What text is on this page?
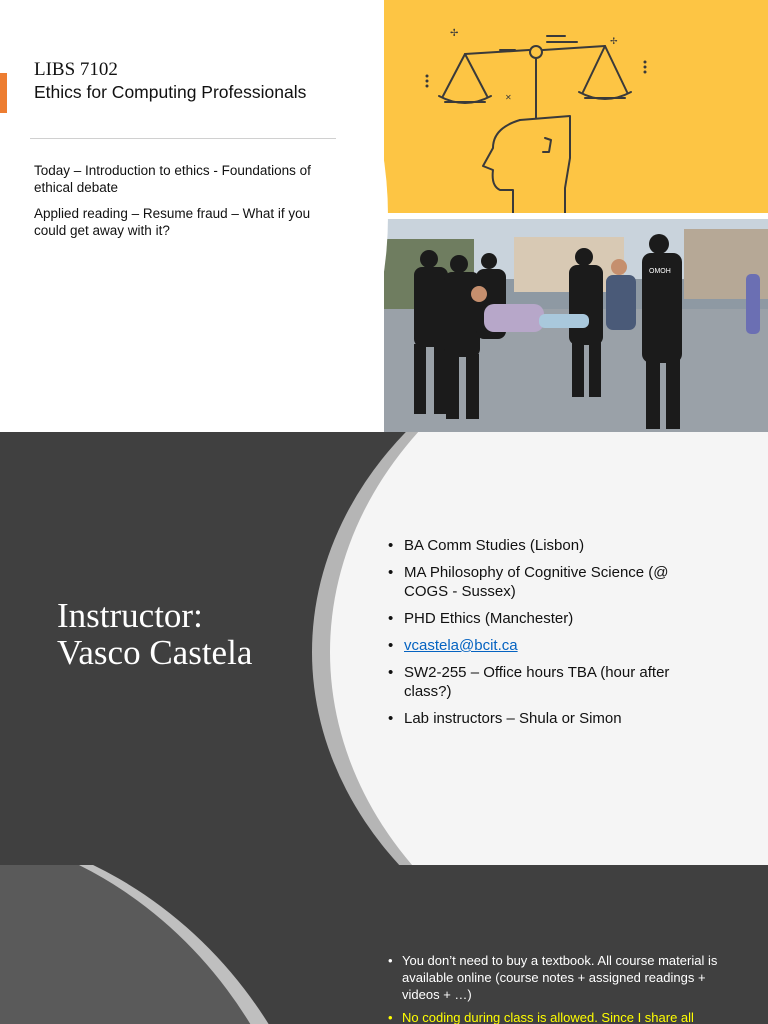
OMOH
✢
✢
✕
LIBS 7102
Ethics for Computing Professionals

Today – Introduction to ethics - Foundations of ethical debate

Applied reading – Resume fraud – What if you could get away with it?

Instructor:
Vasco Castela
• BA Comm Studies (Lisbon)
• MA Philosophy of Cognitive Science (@ COGS - Sussex)
• PHD Ethics (Manchester)
• vcastela@bcit.ca
• SW2-255 – Office hours TBA (hour after class?)
• Lab instructors – Shula or Simon
• You don’t need to buy a textbook. All course material is available online (course notes + assigned readings + videos + …)
• No coding during class is allowed. Since I share all
